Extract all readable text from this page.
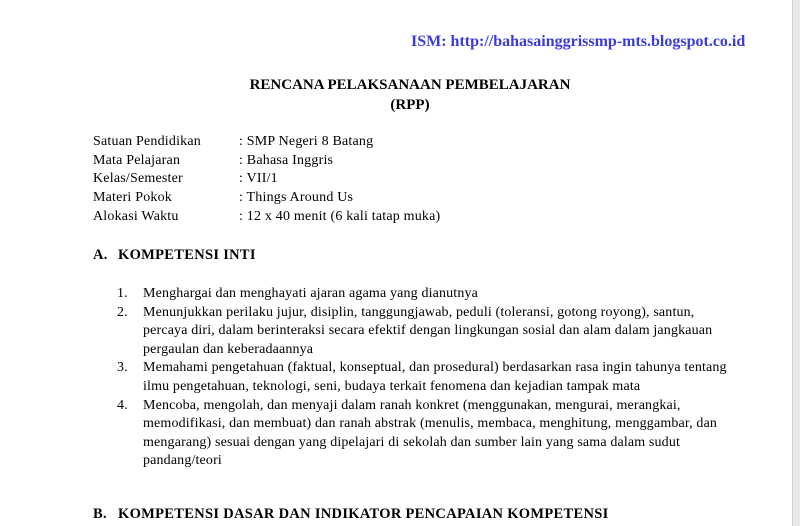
ISM: http://bahasainggrissmp-mts.blogspot.co.id
RENCANA PELAKSANAAN PEMBELAJARAN
(RPP)
Satuan Pendidikan	: SMP Negeri 8 Batang
Mata Pelajaran	: Bahasa Inggris
Kelas/Semester	: VII/1
Materi Pokok	: Things Around Us
Alokasi Waktu	: 12 x 40 menit (6 kali tatap muka)
A. KOMPETENSI INTI
1.	Menghargai dan menghayati ajaran agama yang dianutnya
2.	Menunjukkan perilaku jujur, disiplin, tanggungjawab, peduli (toleransi, gotong royong), santun, percaya diri, dalam berinteraksi secara efektif dengan lingkungan sosial dan alam dalam jangkauan pergaulan dan keberadaannya
3.	Memahami pengetahuan (faktual, konseptual, dan prosedural) berdasarkan rasa ingin tahunya tentang ilmu pengetahuan, teknologi, seni, budaya terkait fenomena dan kejadian tampak mata
4.	Mencoba, mengolah, dan menyaji dalam ranah konkret (menggunakan, mengurai, merangkai, memodifikasi, dan membuat) dan ranah abstrak (menulis, membaca, menghitung, menggambar, dan mengarang) sesuai dengan yang dipelajari di sekolah dan sumber lain yang sama dalam sudut pandang/teori
B. KOMPETENSI DASAR DAN INDIKATOR PENCAPAIAN KOMPETENSI
